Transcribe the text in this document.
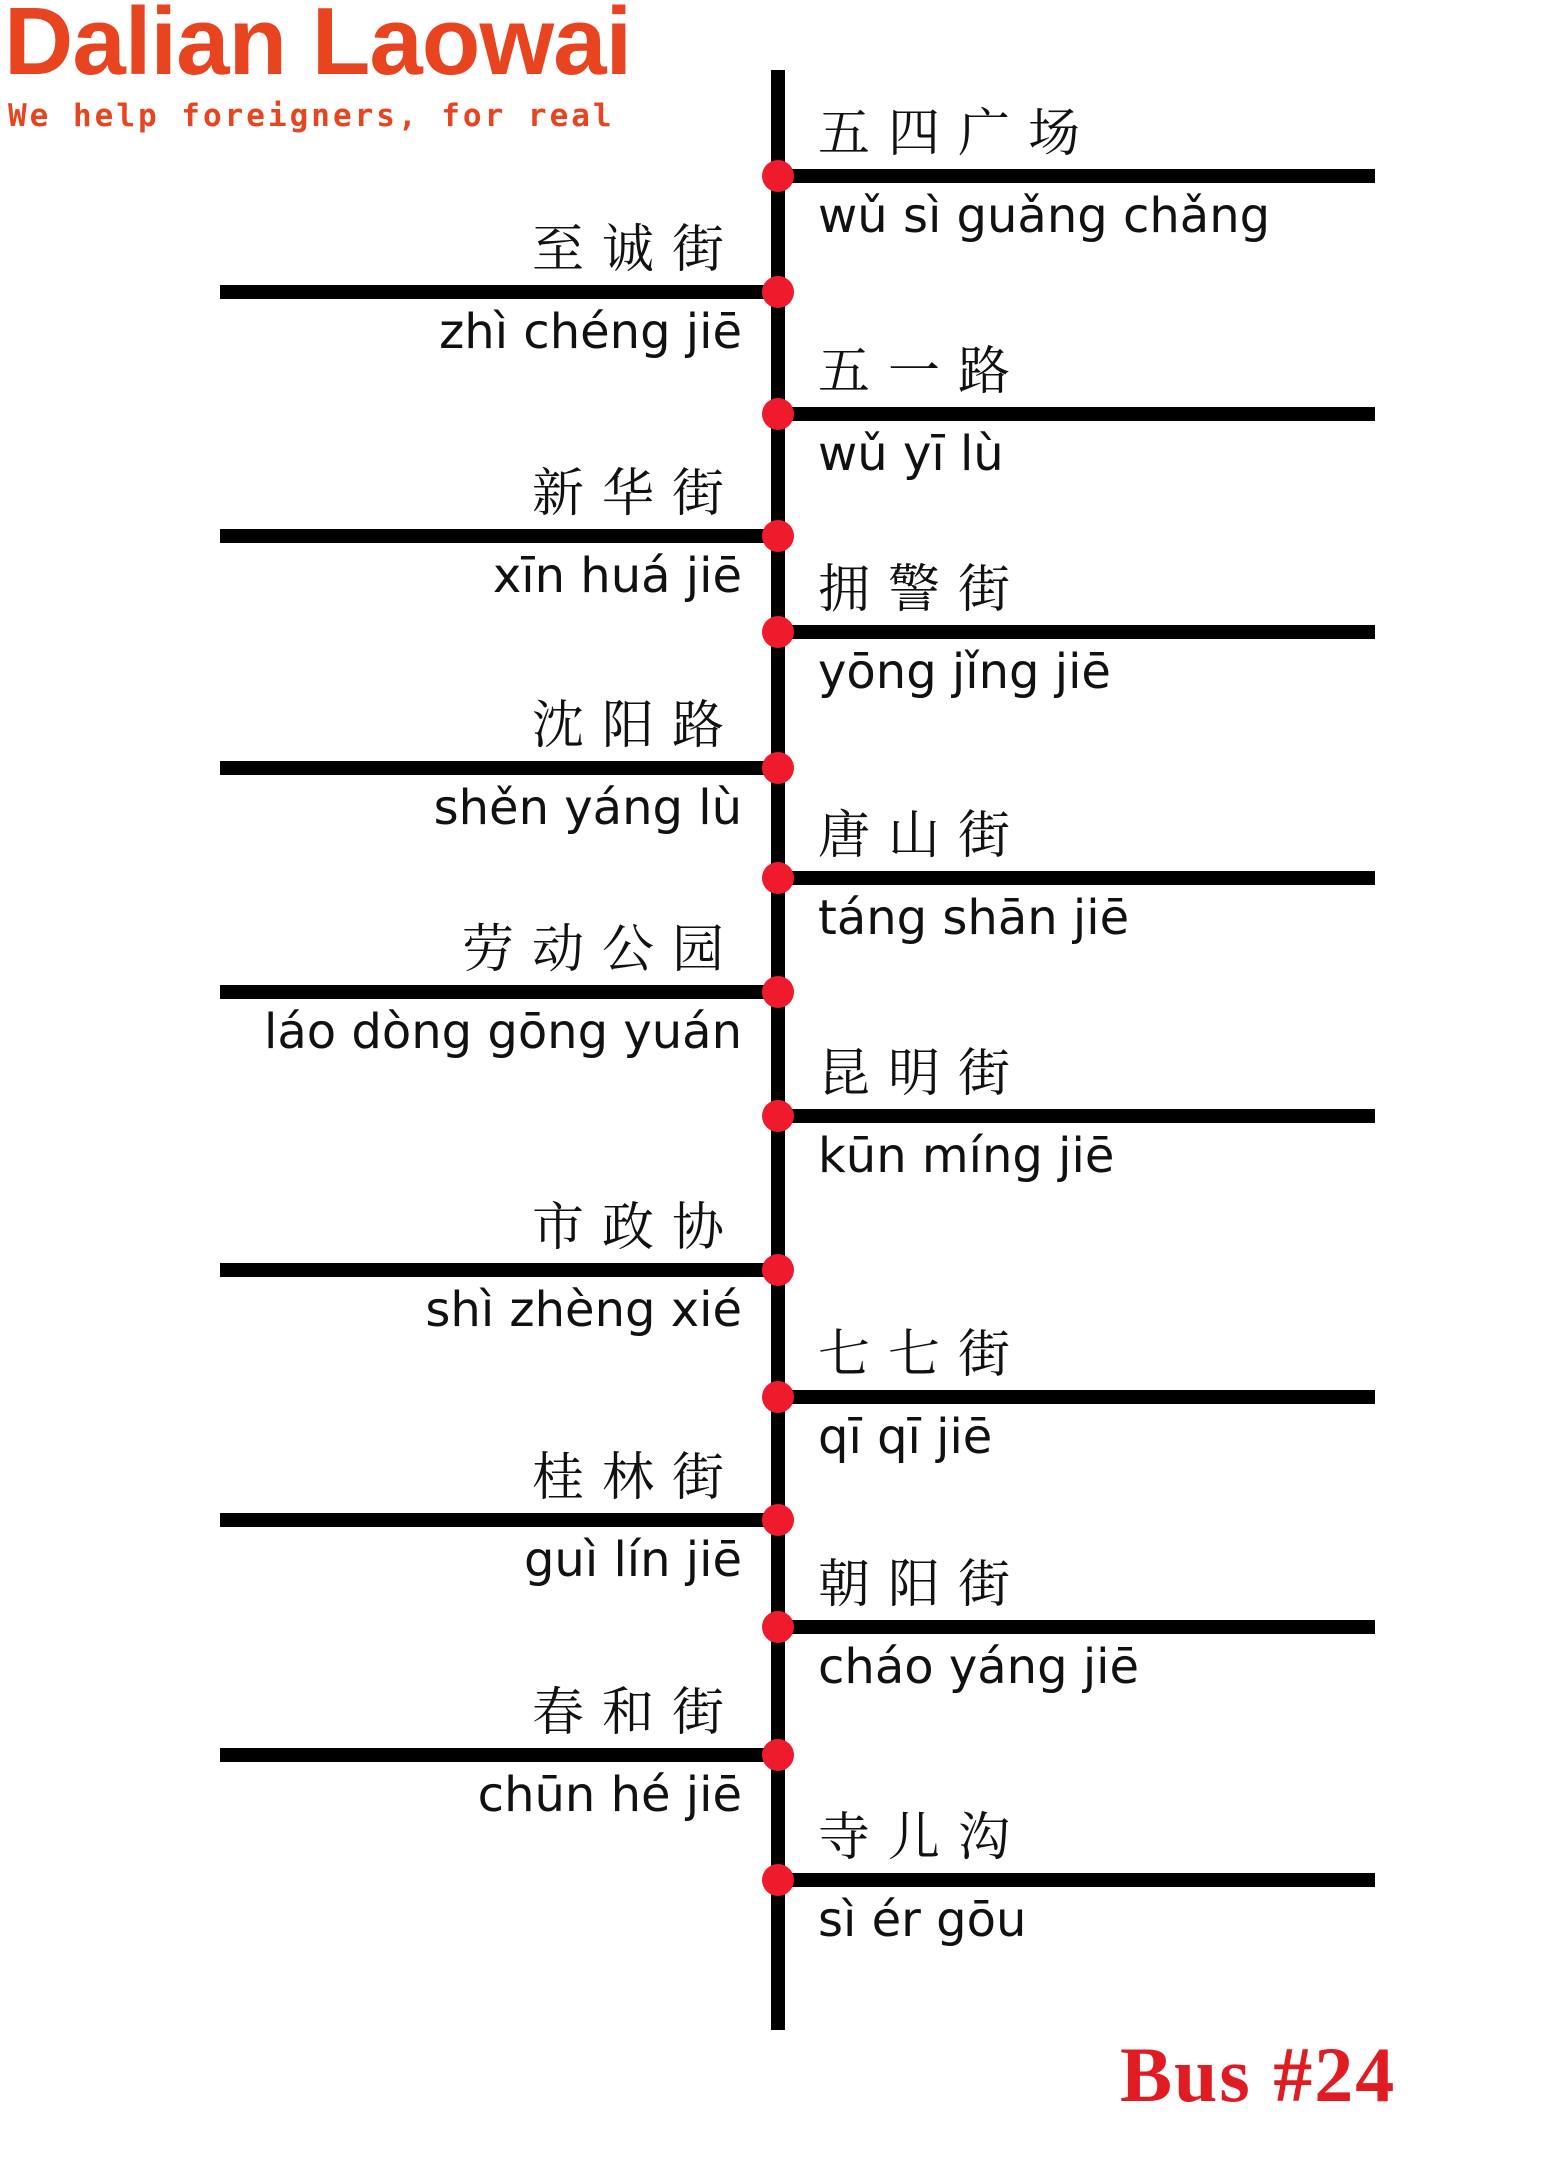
Dalian Laowai
We help foreigners, for real	五四广场
wǔ sì guǎng chǎng
至诚街
zhì chéng jiē
五一路
wǔ yī lù
新华街
xīn huá jiē 拥警街
yōng jǐng jiē
沈阳路
shěn yáng lù 唐山街
táng shān jiē
劳动公园
láo dòng gōng yuán
昆明街
kūn míng jiē
市政协
shì zhèng xié
七七街
qī qī jiē
桂林街
guì lín jiē 朝阳街
cháo yáng jiē
春和街
chūn hé jiē
寺儿沟
sì ér gōu
Bus #24
